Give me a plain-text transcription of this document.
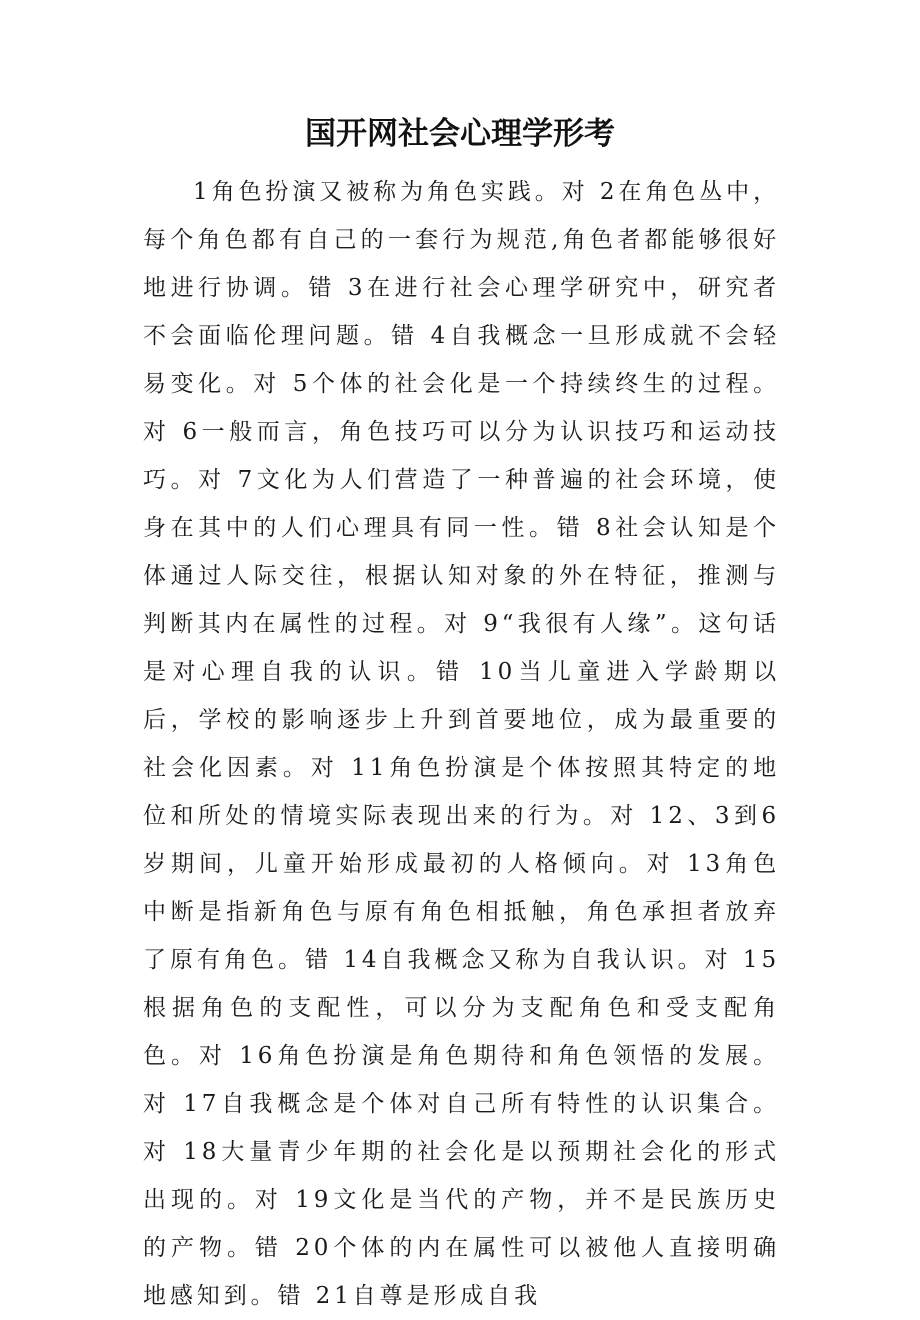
国开网社会心理学形考

1角色扮演又被称为角色实践。对 2在角色丛中，每个角色都有自己的一套行为规范,角色者都能够很好地进行协调。错 3在进行社会心理学研究中，研究者不会面临伦理问题。错 4自我概念一旦形成就不会轻易变化。对 5个体的社会化是一个持续终生的过程。对 6一般而言，角色技巧可以分为认识技巧和运动技巧。对 7文化为人们营造了一种普遍的社会环境，使身在其中的人们心理具有同一性。错 8社会认知是个体通过人际交往，根据认知对象的外在特征，推测与判断其内在属性的过程。对 9“我很有人缘”。这句话是对心理自我的认识。错 10当儿童进入学龄期以后，学校的影响逐步上升到首要地位，成为最重要的社会化因素。对 11角色扮演是个体按照其特定的地位和所处的情境实际表现出来的行为。对 12、3到6岁期间，儿童开始形成最初的人格倾向。对 13角色中断是指新角色与原有角色相抵触，角色承担者放弃了原有角色。错 14自我概念又称为自我认识。对 15根据角色的支配性，可以分为支配角色和受支配角色。对 16角色扮演是角色期待和角色领悟的发展。对 17自我概念是个体对自己所有特性的认识集合。对 18大量青少年期的社会化是以预期社会化的形式出现的。对 19文化是当代的产物，并不是民族历史的产物。错 20个体的内在属性可以被他人直接明确地感知到。错 21自尊是形成自我
